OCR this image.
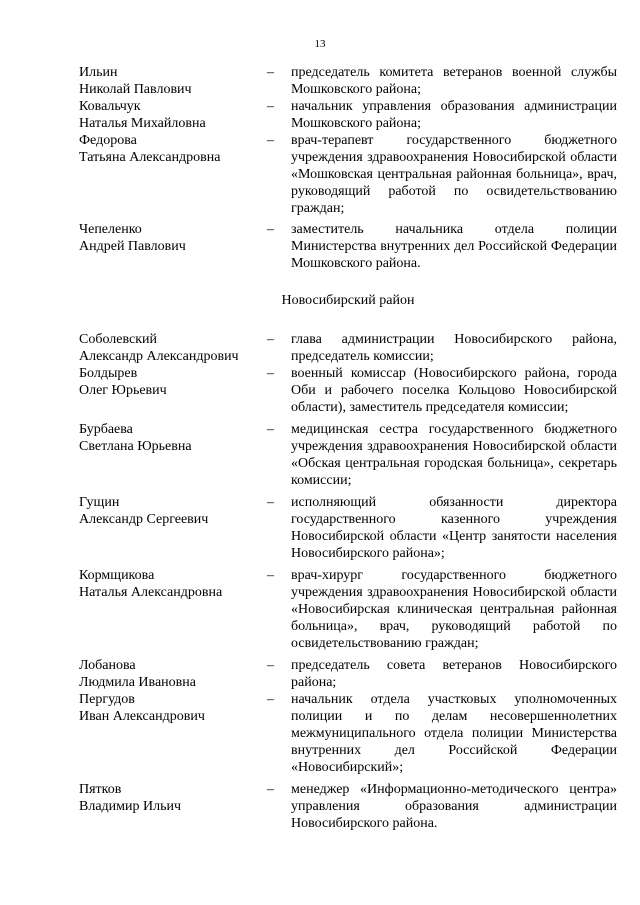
13
Ильин
Николай Павлович
–	председатель комитета ветеранов военной службы Мошковского района;
Ковальчук
Наталья Михайловна
–	начальник управления образования администрации Мошковского района;
Федорова
Татьяна Александровна
–	врач-терапевт государственного бюджетного учреждения здравоохранения Новосибирской области «Мошковская центральная районная больница», врач, руководящий работой по освидетельствованию граждан;
Чепеленко
Андрей Павлович
–	заместитель начальника отдела полиции Министерства внутренних дел Российской Федерации Мошковского района.
Новосибирский район
Соболевский
Александр Александрович
–	глава администрации Новосибирского района, председатель комиссии;
Болдырев
Олег Юрьевич
–	военный комиссар (Новосибирского района, города Оби и рабочего поселка Кольцово Новосибирской области), заместитель председателя комиссии;
Бурбаева
Светлана Юрьевна
–	медицинская сестра государственного бюджетного учреждения здравоохранения Новосибирской области «Обская центральная городская больница», секретарь комиссии;
Гущин
Александр Сергеевич
–	исполняющий обязанности директора государственного казенного учреждения Новосибирской области «Центр занятости населения Новосибирского района»;
Кормщикова
Наталья Александровна
–	врач-хирург государственного бюджетного учреждения здравоохранения Новосибирской области «Новосибирская клиническая центральная районная больница», врач, руководящий работой по освидетельствованию граждан;
Лобанова
Людмила Ивановна
–	председатель совета ветеранов Новосибирского района;
Пергудов
Иван Александрович
–	начальник отдела участковых уполномоченных полиции и по делам несовершеннолетних межмуниципального отдела полиции Министерства внутренних дел Российской Федерации «Новосибирский»;
Пятков
Владимир Ильич
–	менеджер «Информационно-методического центра» управления образования администрации Новосибирского района.
